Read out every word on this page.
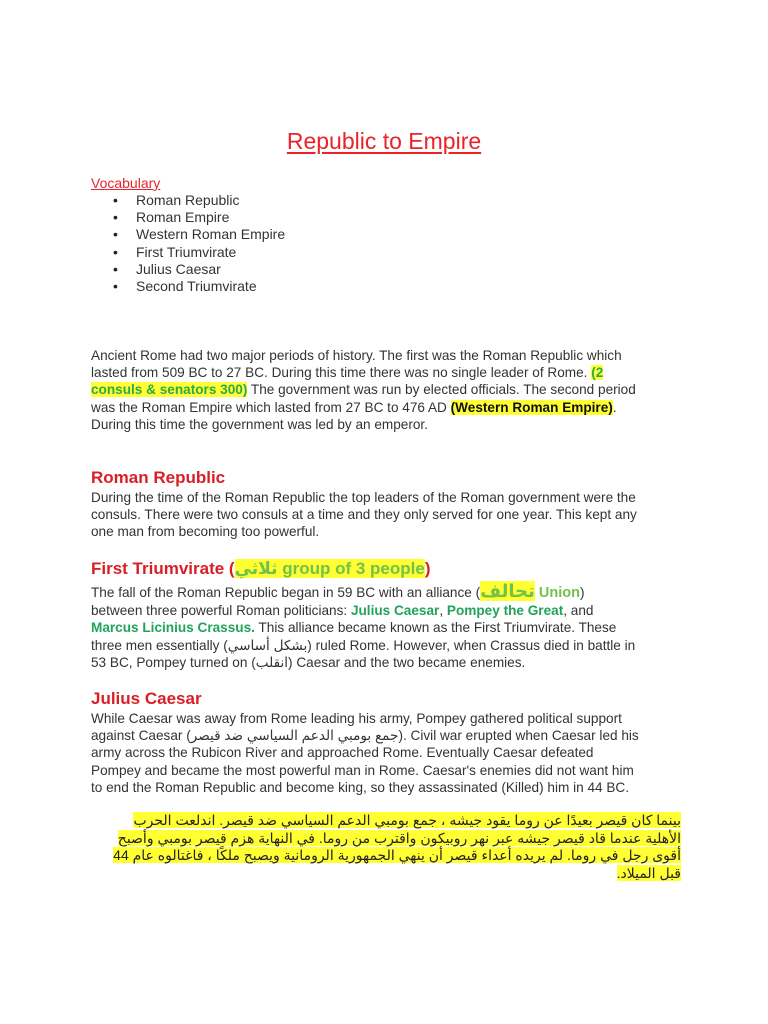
Republic to Empire
Vocabulary
• Roman Republic
• Roman Empire
• Western Roman Empire
• First Triumvirate
• Julius Caesar
• Second Triumvirate
Ancient Rome had two major periods of history. The first was the Roman Republic which
lasted from 509 BC to 27 BC. During this time there was no single leader of Rome. (2
consuls & senators 300) The government was run by elected officials. The second period
was the Roman Empire which lasted from 27 BC to 476 AD (Western Roman Empire).
During this time the government was led by an emperor.
Roman Republic
During the time of the Roman Republic the top leaders of the Roman government were the
consuls. There were two consuls at a time and they only served for one year. This kept any
one man from becoming too powerful.
First Triumvirate (ثلاثي group of 3 people)
The fall of the Roman Republic began in 59 BC with an alliance (تحالف Union)
between three powerful Roman politicians: Julius Caesar, Pompey the Great, and
Marcus Licinius Crassus. This alliance became known as the First Triumvirate. These
three men essentially (بشكل أساسي) ruled Rome. However, when Crassus died in battle in
53 BC, Pompey turned on (انقلب) Caesar and the two became enemies.
Julius Caesar
While Caesar was away from Rome leading his army, Pompey gathered political support
against Caesar (جمع بومبي الدعم السياسي ضد قيصر). Civil war erupted when Caesar led his
army across the Rubicon River and approached Rome. Eventually Caesar defeated
Pompey and became the most powerful man in Rome. Caesar's enemies did not want him
to end the Roman Republic and become king, so they assassinated (Killed) him in 44 BC.
بينما كان قيصر بعيدًا عن روما يقود جيشه ، جمع بومبي الدعم السياسي ضد قيصر. اندلعت الحرب
الأهلية عندما قاد قيصر جيشه عبر نهر روبيكون واقترب من روما. في النهاية هزم قيصر بومبي وأصبح
أقوى رجل في روما. لم يريده أعداء قيصر أن ينهي الجمهورية الرومانية ويصبح ملكًا ، فاغتالوه عام 44
قبل الميلاد.
